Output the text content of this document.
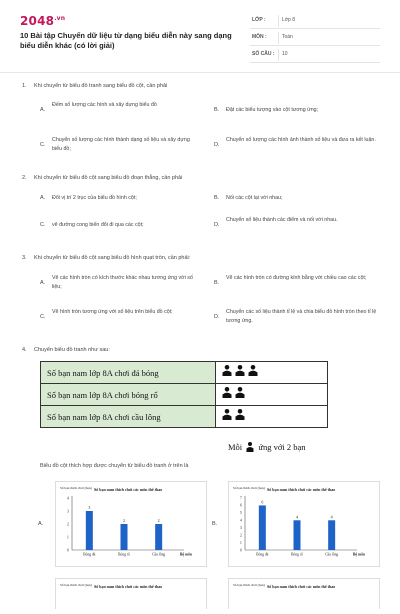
$2048^{.vn}$
10 Bài tập Chuyển dữ liệu từ dạng biểu diễn này sang dạng biểu diễn khác (có lời giải)
LỚP :	Lớp 8
MÔN :	Toán
SỐ CÂU : 10
1. Khi chuyển từ biểu đồ tranh sang biểu đồ cột, cần phải
A.
Đếm số lượng các hình và xây dựng biểu đồ
B. Đặt các biểu tượng vào cột tương ứng;
C.
Chuyển số lượng các hình thành dạng số liệu và xây dựng biểu đồ;
D.
Chuyển số lượng các hình ảnh thành số liệu và đưa ra kết luận.
2. Khi chuyển từ biểu đồ cột sang biểu đồ đoạn thẳng, cần phải
A. Đổi vị trí 2 trục của biểu đồ hình cột;	B. Nối các cột lại với nhau;
C. vẽ đường cong biến đổi đi qua các cột;	D.
Chuyển số liệu thành các điểm và nối với nhau.
3. Khi chuyển từ biểu đồ cột sang biểu đồ hình quạt tròn, cần phải:
A.
Vẽ các hình tròn có kích thước khác nhau tương ứng với số liệu;
B.
Vẽ các hình tròn có đường kính bằng với chiều cao các cột;
C.
Vẽ hình tròn tương ứng với số liệu trên biểu đồ cột;
D.
Chuyển các số liệu thành tỉ lệ và chia biểu đồ hình tròn theo tỉ lệ tương ứng.
4. Chuyển biểu đồ tranh như sau:
Số bạn nam lớp 8A chơi đá bóng	
Số bạn nam lớp 8A chơi bóng rổ	
Số bạn nam lớp 8A chơi cầu lông	
Mỗi ứng với 2 bạn
Biểu đồ cột thích hợp được chuyển từ biểu đồ tranh ở trên là
A.	B.
Số bạn thích chơi (bạn) Số bạn nam thích chơi các môn thể thao
0
1
2
3
4
3
Bóng đá
2
Bóng rổ
2
Cầu lông	Bộ môn
Số bạn thích chơi (bạn) Số bạn nam thích chơi các môn thể thao
0
1
2
3
4
5
6
7
6
Bóng đá
4
Bóng rổ
4
Cầu lông	Bộ môn
Số bạn thích chơi (bạn) Số bạn nam thích chơi các môn thể thao	Số bạn thích chơi (bạn) Số bạn nam thích chơi các môn thể thao
